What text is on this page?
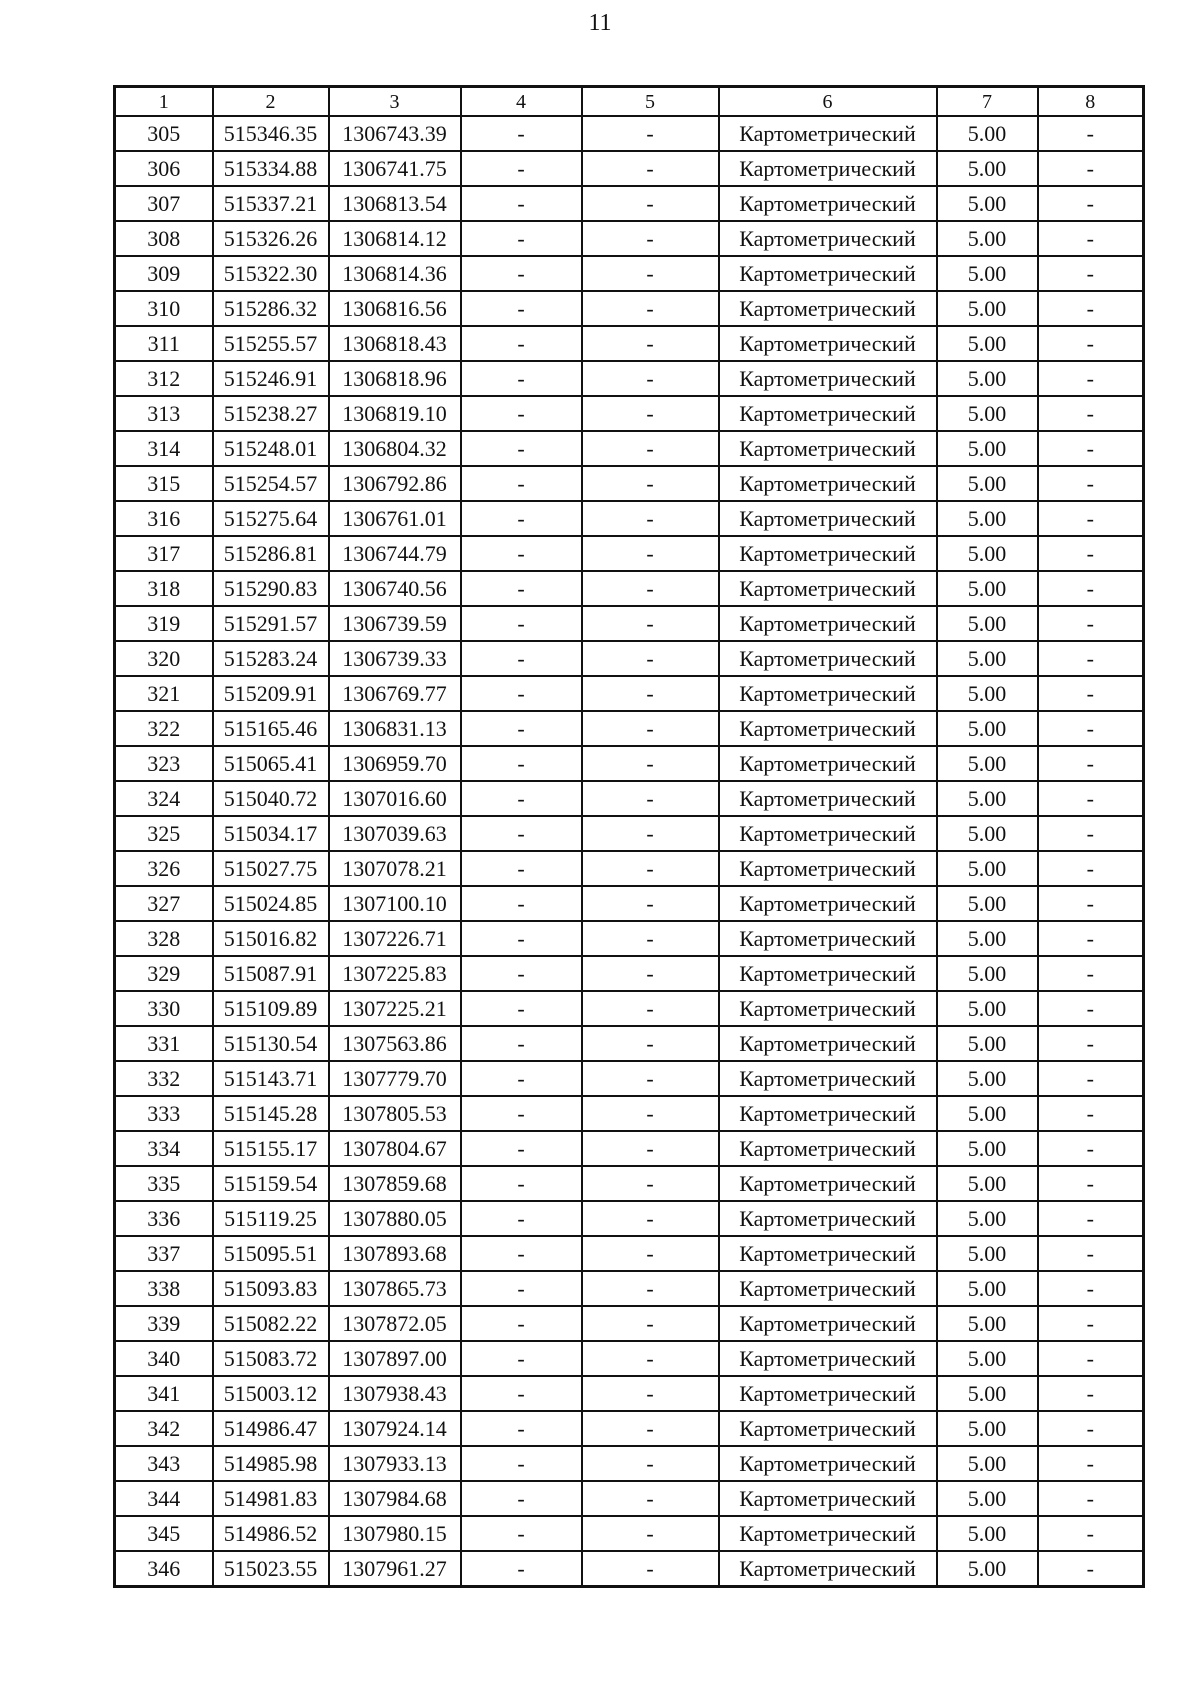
11
1	2	3	4	5	6	7	8
305	515346.35	1306743.39	-	-	Картометрический	5.00	-
306	515334.88	1306741.75	-	-	Картометрический	5.00	-
307	515337.21	1306813.54	-	-	Картометрический	5.00	-
308	515326.26	1306814.12	-	-	Картометрический	5.00	-
309	515322.30	1306814.36	-	-	Картометрический	5.00	-
310	515286.32	1306816.56	-	-	Картометрический	5.00	-
311	515255.57	1306818.43	-	-	Картометрический	5.00	-
312	515246.91	1306818.96	-	-	Картометрический	5.00	-
313	515238.27	1306819.10	-	-	Картометрический	5.00	-
314	515248.01	1306804.32	-	-	Картометрический	5.00	-
315	515254.57	1306792.86	-	-	Картометрический	5.00	-
316	515275.64	1306761.01	-	-	Картометрический	5.00	-
317	515286.81	1306744.79	-	-	Картометрический	5.00	-
318	515290.83	1306740.56	-	-	Картометрический	5.00	-
319	515291.57	1306739.59	-	-	Картометрический	5.00	-
320	515283.24	1306739.33	-	-	Картометрический	5.00	-
321	515209.91	1306769.77	-	-	Картометрический	5.00	-
322	515165.46	1306831.13	-	-	Картометрический	5.00	-
323	515065.41	1306959.70	-	-	Картометрический	5.00	-
324	515040.72	1307016.60	-	-	Картометрический	5.00	-
325	515034.17	1307039.63	-	-	Картометрический	5.00	-
326	515027.75	1307078.21	-	-	Картометрический	5.00	-
327	515024.85	1307100.10	-	-	Картометрический	5.00	-
328	515016.82	1307226.71	-	-	Картометрический	5.00	-
329	515087.91	1307225.83	-	-	Картометрический	5.00	-
330	515109.89	1307225.21	-	-	Картометрический	5.00	-
331	515130.54	1307563.86	-	-	Картометрический	5.00	-
332	515143.71	1307779.70	-	-	Картометрический	5.00	-
333	515145.28	1307805.53	-	-	Картометрический	5.00	-
334	515155.17	1307804.67	-	-	Картометрический	5.00	-
335	515159.54	1307859.68	-	-	Картометрический	5.00	-
336	515119.25	1307880.05	-	-	Картометрический	5.00	-
337	515095.51	1307893.68	-	-	Картометрический	5.00	-
338	515093.83	1307865.73	-	-	Картометрический	5.00	-
339	515082.22	1307872.05	-	-	Картометрический	5.00	-
340	515083.72	1307897.00	-	-	Картометрический	5.00	-
341	515003.12	1307938.43	-	-	Картометрический	5.00	-
342	514986.47	1307924.14	-	-	Картометрический	5.00	-
343	514985.98	1307933.13	-	-	Картометрический	5.00	-
344	514981.83	1307984.68	-	-	Картометрический	5.00	-
345	514986.52	1307980.15	-	-	Картометрический	5.00	-
346	515023.55	1307961.27	-	-	Картометрический	5.00	-
